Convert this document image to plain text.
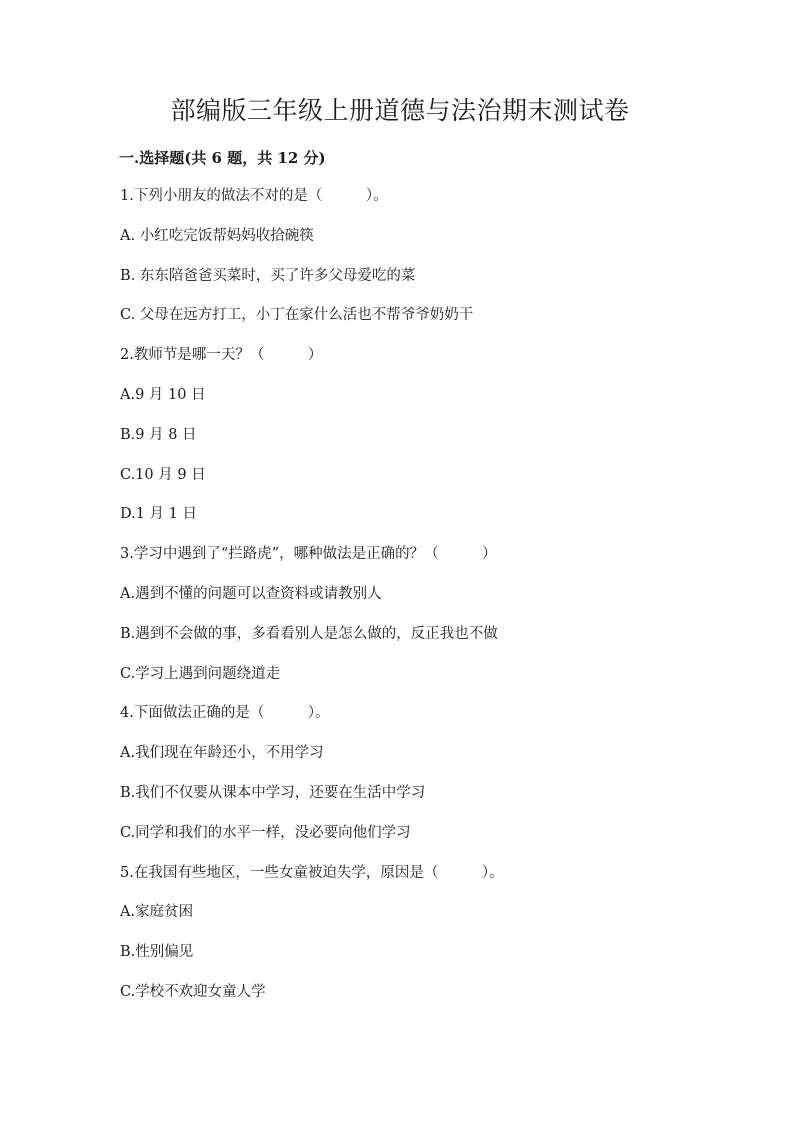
部编版三年级上册道德与法治期末测试卷
一.选择题(共 6 题，共 12 分)
1.下列小朋友的做法不对的是（　　　）。
A. 小红吃完饭帮妈妈收拾碗筷
B. 东东陪爸爸买菜时，买了许多父母爱吃的菜
C. 父母在远方打工，小丁在家什么活也不帮爷爷奶奶干
2.教师节是哪一天？（　　　）
A.9 月 10 日
B.9 月 8 日
C.10 月 9 日
D.1 月 1 日
3.学习中遇到了“拦路虎”，哪种做法是正确的？（　　　）
A.遇到不懂的问题可以查资料或请教别人
B.遇到不会做的事，多看看别人是怎么做的，反正我也不做
C.学习上遇到问题绕道走
4.下面做法正确的是（　　　）。
A.我们现在年龄还小，不用学习
B.我们不仅要从课本中学习，还要在生活中学习
C.同学和我们的水平一样，没必要向他们学习
5.在我国有些地区，一些女童被迫失学，原因是（　　　）。
A.家庭贫困
B.性别偏见
C.学校不欢迎女童人学
